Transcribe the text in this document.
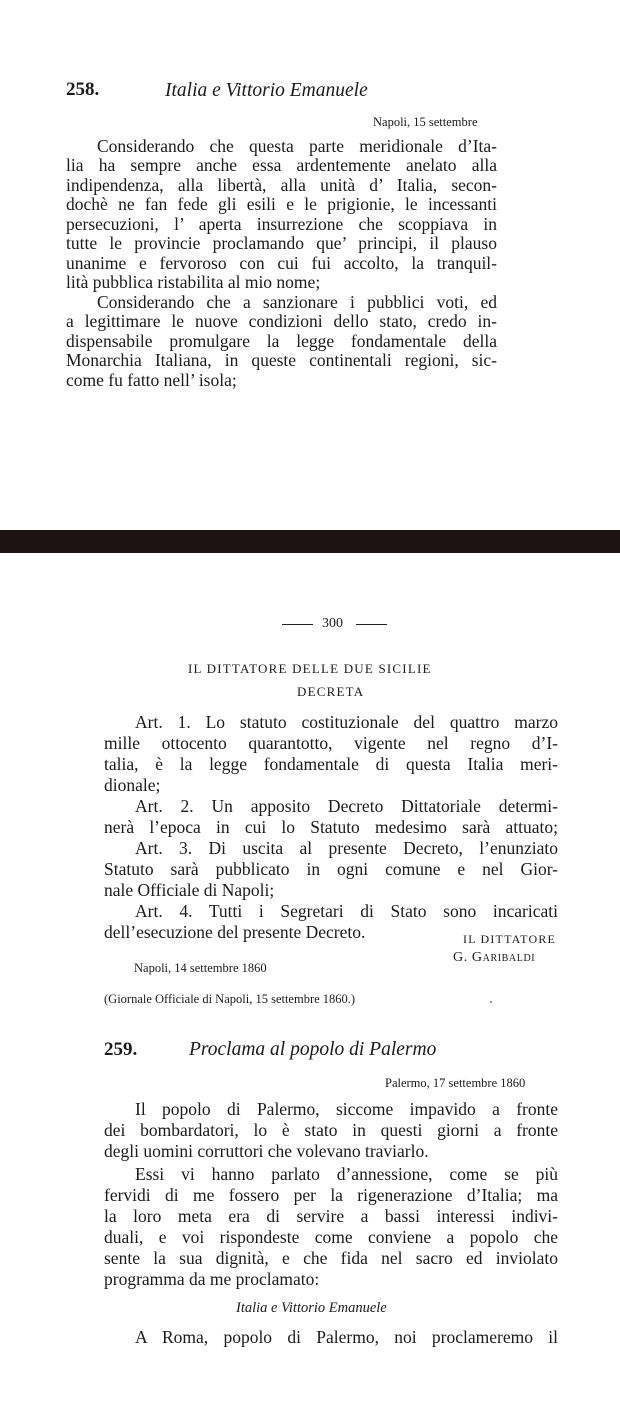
258.	Italia e Vittorio Emanuele
Napoli, 15 settembre
Considerando che questa parte meridionale d’Ita-
lia ha sempre anche essa ardentemente anelato alla
indipendenza, alla libertà, alla unità d’ Italia, secon-
dochè ne fan fede gli esili e le prigionie, le incessanti
persecuzioni, l’ aperta insurrezione che scoppiava in
tutte le provincie proclamando que’ principi, il plauso
unanime e fervoroso con cui fui accolto, la tranquil-
lità pubblica ristabilita al mio nome;
Considerando che a sanzionare i pubblici voti, ed
a legittimare le nuove condizioni dello stato, credo in-
dispensabile promulgare la legge fondamentale della
Monarchia Italiana, in queste continentali regioni, sic-
come fu fatto nell’ isola;
300
IL DITTATORE DELLE DUE SICILIE
DECRETA
Art. 1. Lo statuto costituzionale del quattro marzo
mille ottocento quarantotto, vigente nel regno d’I-
talia, è la legge fondamentale di questa Italia meri-
dionale;
Art. 2. Un apposito Decreto Dittatoriale determi-
nerà l’epoca in cui lo Statuto medesimo sarà attuato;
Art. 3. Di uscita al presente Decreto, l’enunziato
Statuto sarà pubblicato in ogni comune e nel Gior-
nale Officiale di Napoli;
Art. 4. Tutti i Segretari di Stato sono incaricati
dell’esecuzione del presente Decreto.	IL DITTATORE
G. Garibaldi
Napoli, 14 settembre 1860
(Giornale Officiale di Napoli, 15 settembre 1860.)
259.	Proclama al popolo di Palermo
Palermo, 17 settembre 1860
Il popolo di Palermo, siccome impavido a fronte
dei bombardatori, lo è stato in questi giorni a fronte
degli uomini corruttori che volevano traviarlo.
Essi vi hanno parlato d’annessione, come se più
fervidi di me fossero per la rigenerazione d’Italia; ma
la loro meta era di servire a bassi interessi indivi-
duali, e voi rispondeste come conviene a popolo che
sente la sua dignità, e che fida nel sacro ed inviolato
programma da me proclamato:
Italia e Vittorio Emanuele
A Roma, popolo di Palermo, noi proclameremo il
